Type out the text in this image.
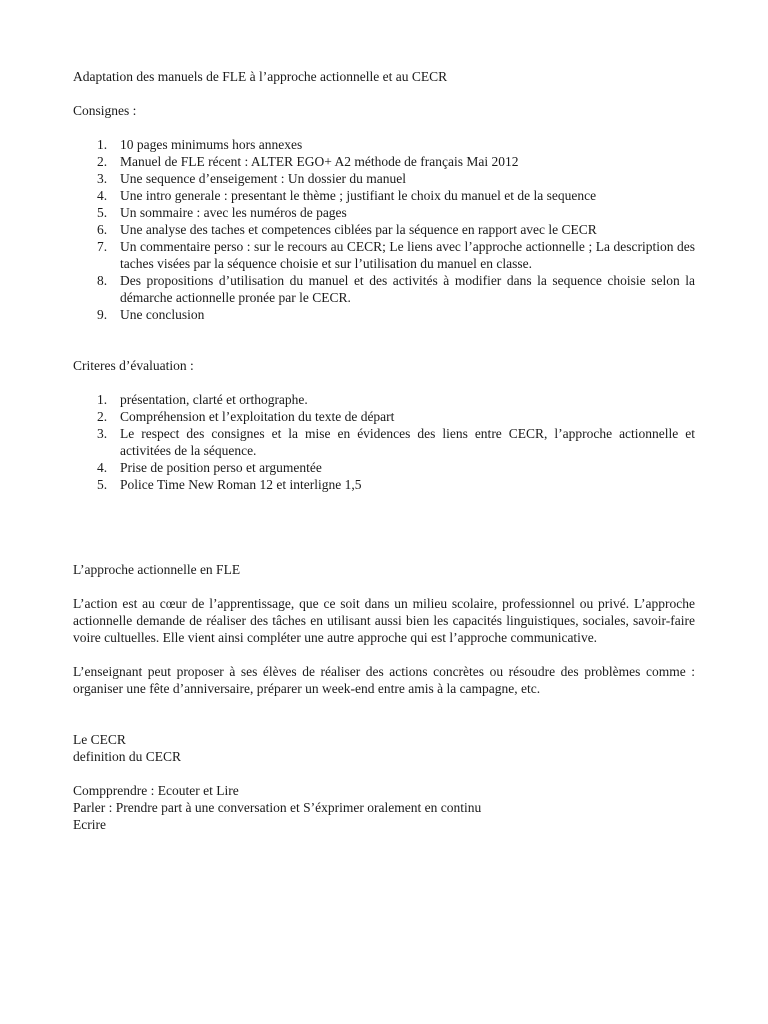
Adaptation des manuels de FLE à l’approche actionnelle et au CECR

Consignes :

1. 10 pages minimums hors annexes
2. Manuel de FLE récent : ALTER EGO+ A2 méthode de français Mai 2012
3. Une sequence d’enseigement : Un dossier du manuel
4. Une intro generale : presentant le thème ; justifiant le choix du manuel et de la sequence
5. Un sommaire : avec les numéros de pages
6. Une analyse des taches et competences ciblées par la séquence en rapport avec le CECR
7. Un commentaire perso : sur le recours au CECR; Le liens avec l’approche actionnelle ; La description des taches visées par la séquence choisie et sur l’utilisation du manuel en classe.
8. Des propositions d’utilisation du manuel et des activités à modifier dans la sequence choisie selon la démarche actionnelle pronée par le CECR.
9. Une conclusion

Criteres d’évaluation :

1. présentation, clarté et orthographe.
2. Compréhension et l’exploitation du texte de départ
3. Le respect des consignes et la mise en évidences des liens entre CECR, l’approche actionnelle et activitées de la séquence.
4. Prise de position perso et argumentée
5. Police Time New Roman 12 et interligne 1,5

L’approche actionnelle en FLE

L’action est au cœur de l’apprentissage, que ce soit dans un milieu scolaire, professionnel ou privé. L’approche actionnelle demande de réaliser des tâches en utilisant aussi bien les capacités linguistiques, sociales, savoir-faire voire cultuelles. Elle vient ainsi compléter une autre approche qui est l’approche communicative.

L’enseignant peut proposer à ses élèves de réaliser des actions concrètes ou résoudre des problèmes comme : organiser une fête d’anniversaire, préparer un week-end entre amis à la campagne, etc.

Le CECR

definition du CECR

Compprendre : Ecouter et Lire

Parler : Prendre part à une conversation et S’éxprimer oralement en continu

Ecrire
